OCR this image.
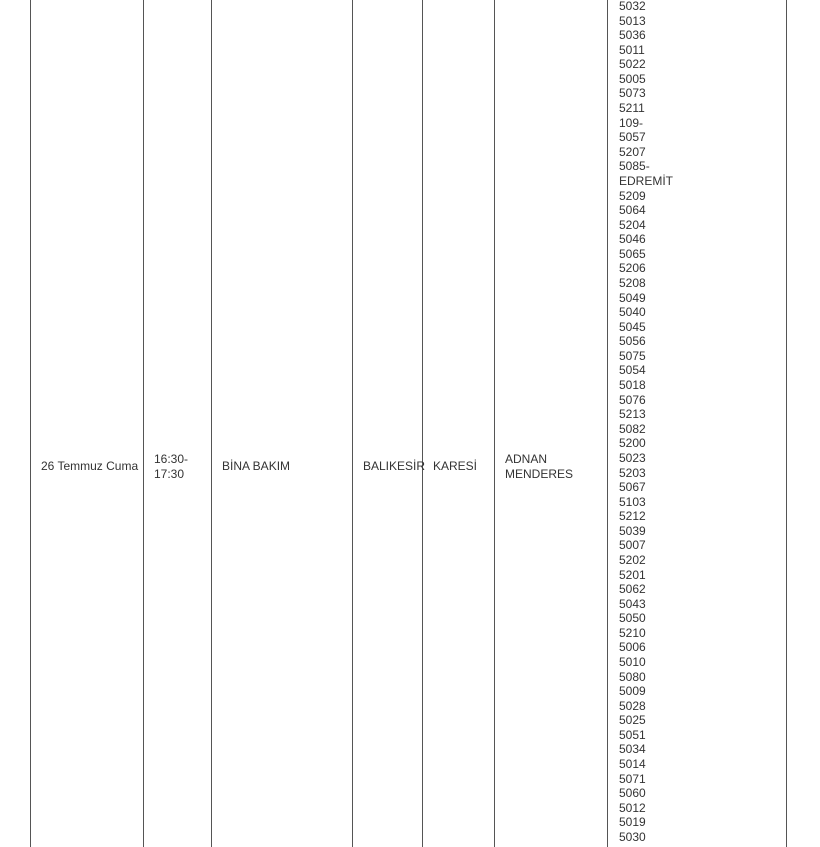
26 Temmuz Cuma 16:30-
17:30
BİNA BAKIM	BALIKESİR KARESİ ADNAN
MENDERES
5032
5013
5036
5011
5022
5005
5073
5211
109-
5057
5207
5085-
EDREMİT
5209
5064
5204
5046
5065
5206
5208
5049
5040
5045
5056
5075
5054
5018
5076
5213
5082
5200
5023
5203
5067
5103
5212
5039
5007
5202
5201
5062
5043
5050
5210
5006
5010
5080
5009
5028
5025
5051
5034
5014
5071
5060
5012
5019
5030
